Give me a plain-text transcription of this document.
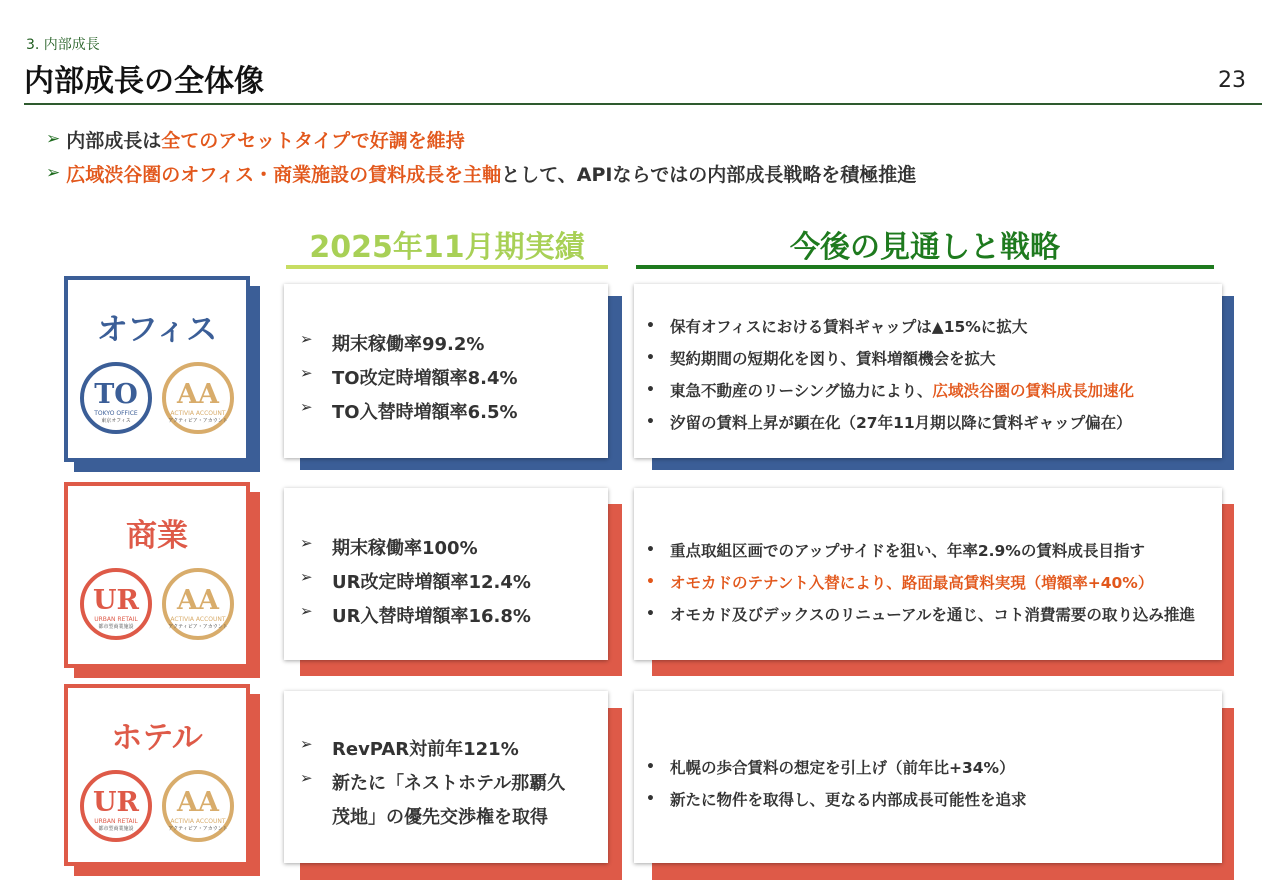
3. 内部成長
内部成長の全体像	23
➢ 内部成長は 全てのアセットタイプで好調を維持
➢ 広域渋谷圏のオフィス・商業施設の賃料成長を主軸 として、APIならではの内部成長戦略を積極推進
2025年11月期実績	今後の見通しと戦略
オフィス
TO
TOKYO OFFICE
東京オフィス
AA
ACTIVIA ACCOUNT
アクティビア・アカウント
➢	期末稼働率99.2%
➢	TO改定時増額率8.4%
➢	TO入替時増額率6.5%
• 保有オフィスにおける賃料ギャップは▲15%に拡大
• 契約期間の短期化を図り、賃料増額機会を拡大
• 東急不動産のリーシング協力により、 広域渋谷圏の賃料成長加速化
• 汐留の賃料上昇が顕在化（27年11月期以降に賃料ギャップ偏在）
商業
UR
URBAN RETAIL
都市型商業施設
AA
ACTIVIA ACCOUNT
アクティビア・アカウント
➢	期末稼働率100%
➢	UR改定時増額率12.4%
➢	UR入替時増額率16.8%
• 重点取組区画でのアップサイドを狙い、年率2.9%の賃料成長目指す
• オモカドのテナント入替により、路面最高賃料実現（増額率+40%）
• オモカド及びデックスのリニューアルを通じ、コト消費需要の取り込み推進
ホテル
UR
URBAN RETAIL
都市型商業施設
AA
ACTIVIA ACCOUNT
アクティビア・アカウント
➢	RevPAR対前年121%
➢	新たに「ネストホテル那覇久茂地」の優先交渉権を取得
• 札幌の歩合賃料の想定を引上げ（前年比+34%）
• 新たに物件を取得し、更なる内部成長可能性を追求
